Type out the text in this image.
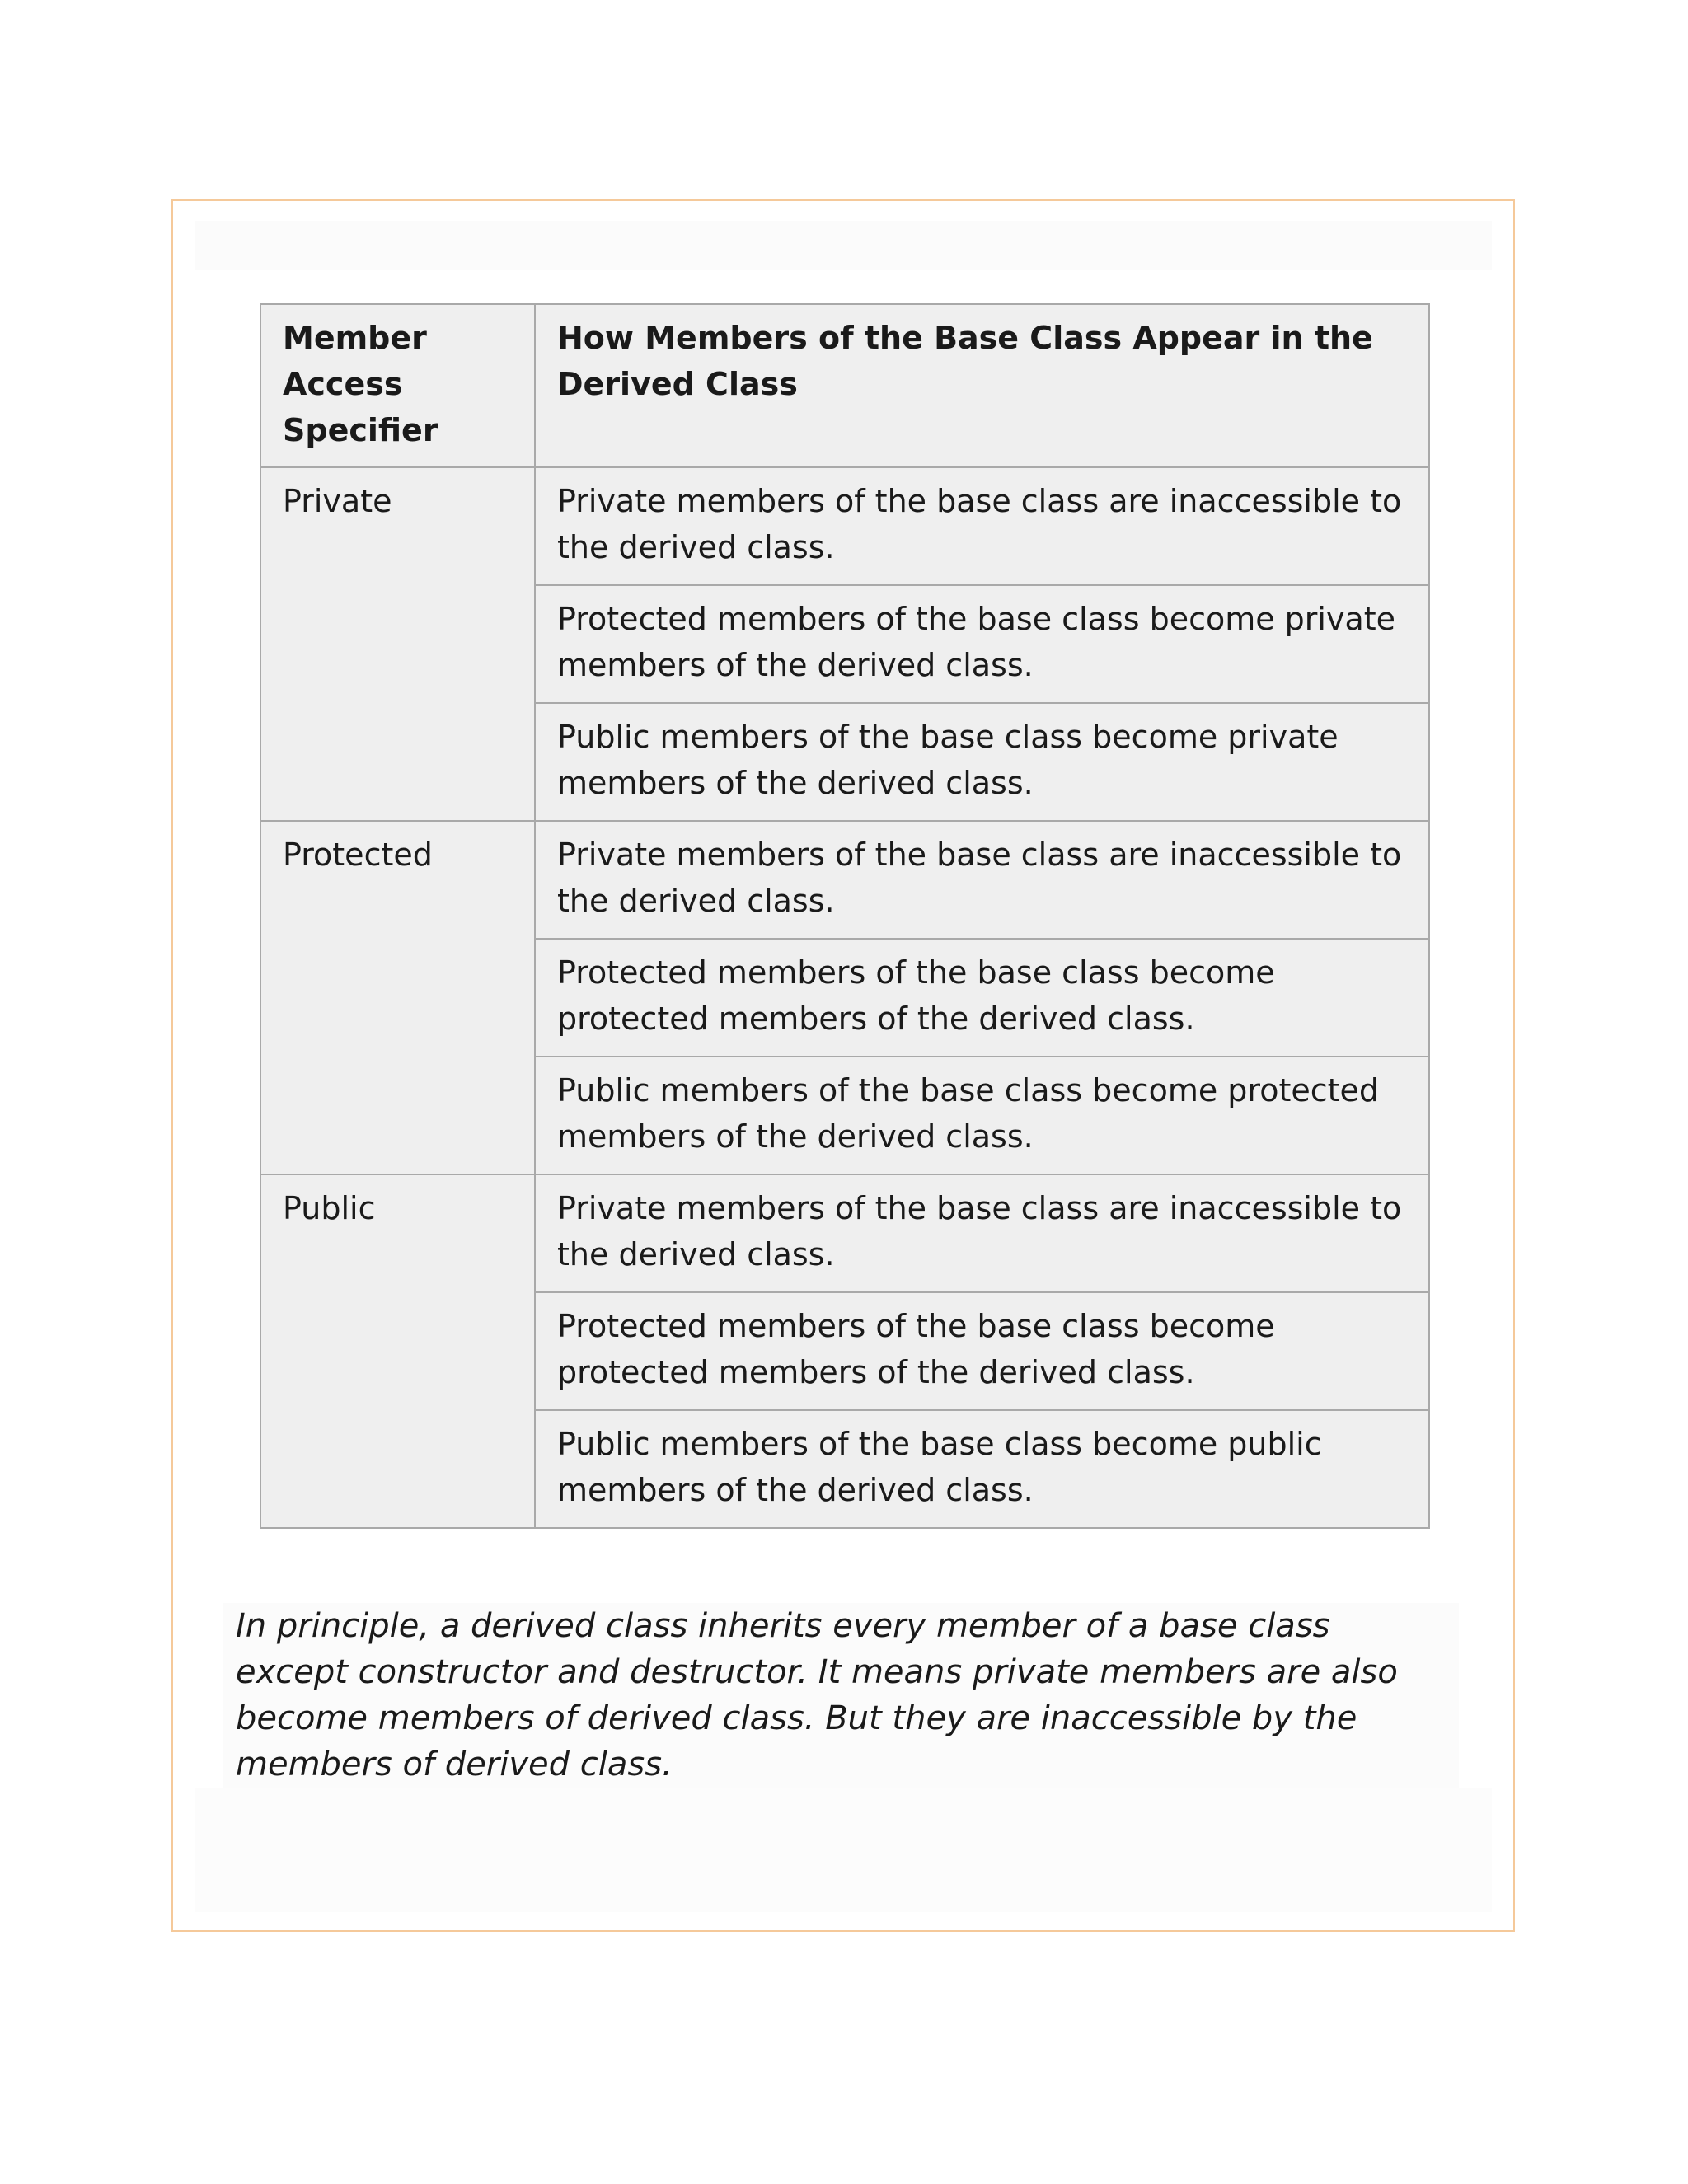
Member Access Specifier	How Members of the Base Class Appear in the Derived Class
Private	Private members of the base class are inaccessible to the derived class.
	Protected members of the base class become private members of the derived class.
	Public members of the base class become private members of the derived class.
Protected	Private members of the base class are inaccessible to the derived class.
	Protected members of the base class become protected members of the derived class.
	Public members of the base class become protected members of the derived class.
Public	Private members of the base class are inaccessible to the derived class.
	Protected members of the base class become protected members of the derived class.
	Public members of the base class become public members of the derived class.

In principle, a derived class inherits every member of a base class except constructor and destructor. It means private members are also become members of derived class. But they are inaccessible by the members of derived class.
